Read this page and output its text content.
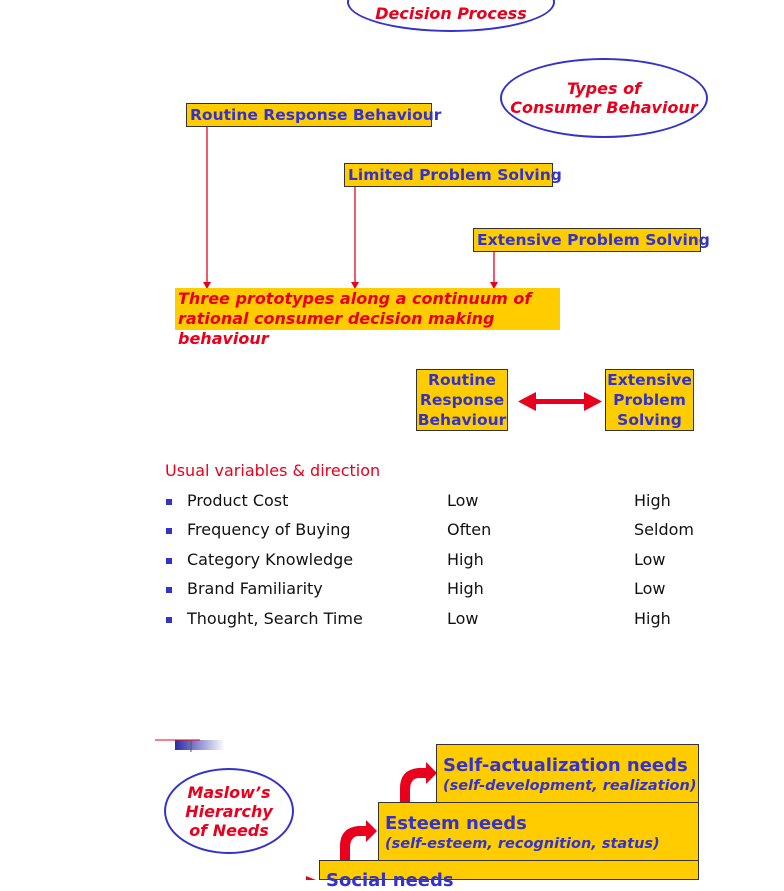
Decision Process
Types of
Consumer Behaviour
Routine Response Behaviour
Limited Problem Solving
Extensive Problem Solving
Three prototypes along a continuum of
rational consumer decision making behaviour
Routine
Response
Behaviour
Extensive
Problem
Solving
Usual variables & direction
Product Cost	Low	High
Frequency of Buying	Often	Seldom
Category Knowledge	High	Low
Brand Familiarity	High	Low
Thought, Search Time	Low	High
Maslow’s
Hierarchy
of Needs
Self-actualization needs
(self-development, realization)
Esteem needs
(self-esteem, recognition, status)
Social needs
